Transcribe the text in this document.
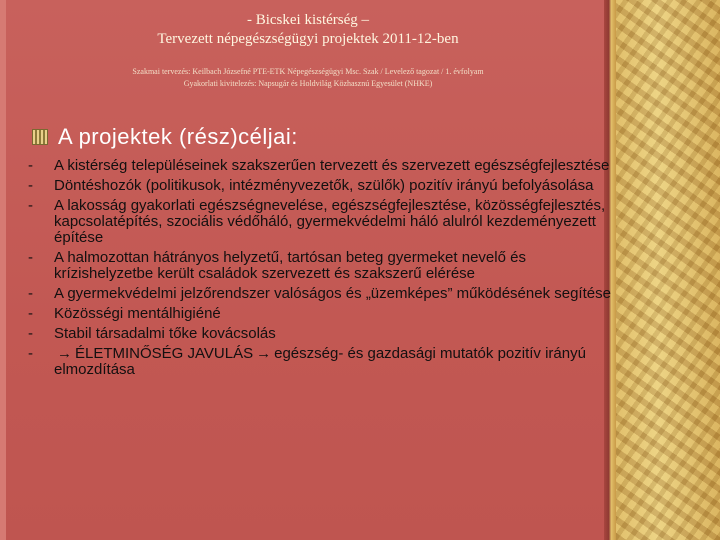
- Bicskei kistérség –
Tervezett népegészségügyi projektek 2011-12-ben
Szakmai tervezés: Keilbach Józsefné PTE-ETK Népegészségügyi Msc. Szak / Levelező tagozat / 1. évfolyam
Gyakorlati kivitelezés: Napsugár és Holdvilág Közhasznú Egyesület (NHKE)
A projektek (rész)céljai:
-	A kistérség településeinek szakszerűen tervezett és szervezett egészségfejlesztése
-	Döntéshozók (politikusok, intézményvezetők, szülők) pozitív irányú befolyásolása
-	A lakosság gyakorlati egészségnevelése, egészségfejlesztése, közösségfejlesztés, kapcsolatépítés, szociális védőháló, gyermekvédelmi háló alulról kezdeményezett építése
-	A halmozottan hátrányos helyzetű, tartósan beteg gyermeket nevelő és krízishelyzetbe került családok szervezett és szakszerű elérése
-	A gyermekvédelmi jelzőrendszer valóságos és „üzemképes” működésének segítése
-	Közösségi mentálhigiéné
-	Stabil társadalmi tőke kovácsolás
-	→ ÉLETMINŐSÉG JAVULÁS → egészség- és gazdasági mutatók pozitív irányú elmozdítása
